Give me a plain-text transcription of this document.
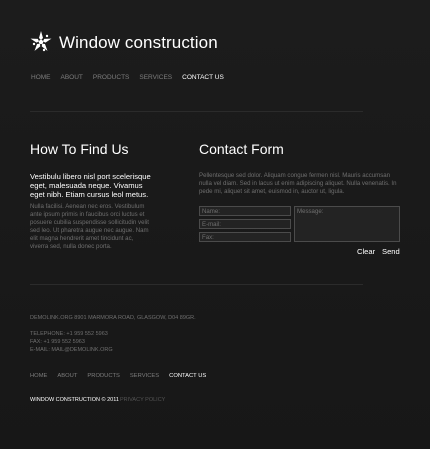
Window construction
HOME ABOUT PRODUCTS SERVICES CONTACT US
How To Find Us
Vestibulu libero nisl port scelerisque eget, malesuada neque. Vivamus eget nibh. Etiam cursus leol metus.
Nulla facilisi. Aenean nec eros. Vestibulum ante ipsum primis in faucibus orci luctus et posuere cubilia suspendisse sollicitudin velit sed leo. Ut pharetra augue nec augue. Nam elit magna hendrerit amet tincidunt ac, viverra sed, nulla donec porta.
Contact Form
Pellentesque sed dolor. Aliquam congue fermen nisl. Mauris accumsan nulla vel diam. Sed in lacus ut enim adipiscing aliquet. Nulla venenatis. In pede mi, aliquet sit amet, euismod in, auctor ut, ligula.
Name:
E-mail:
Fax:
Message:
Clear Send
DEMOLINK.ORG 8901 MARMORA ROAD, GLASGOW, D04 89GR.
TELEPHONE: +1 959 552 5963
FAX: +1 959 552 5963
E-MAIL: MAIL@DEMOLINK.ORG
HOME ABOUT PRODUCTS SERVICES CONTACT US
WINDOW CONSTRUCTION © 2011 PRIVACY POLICY
